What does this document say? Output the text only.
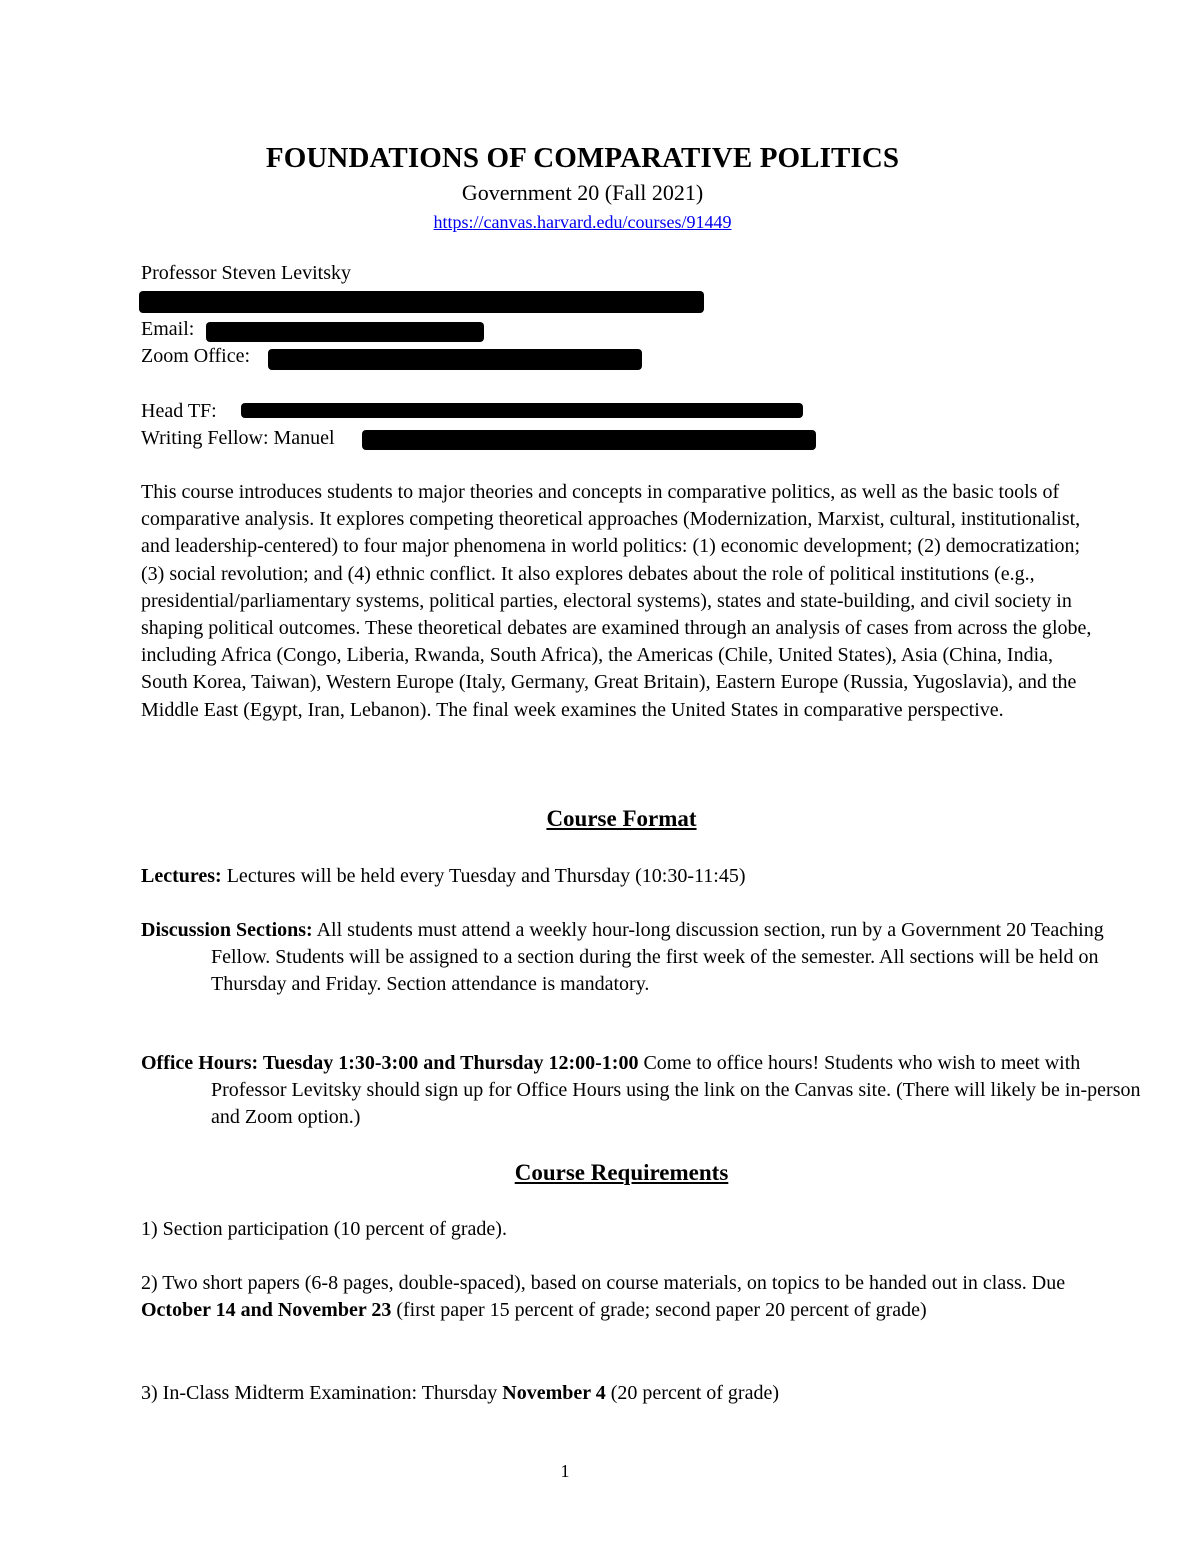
FOUNDATIONS OF COMPARATIVE POLITICS
Government 20 (Fall 2021)
https://canvas.harvard.edu/courses/91449
Professor Steven Levitsky
Email:
Zoom Office:
Head TF:
Writing Fellow: Manuel
This course introduces students to major theories and concepts in comparative politics, as well as the basic tools of comparative analysis. It explores competing theoretical approaches (Modernization, Marxist, cultural, institutionalist, and leadership-centered) to four major phenomena in world politics: (1) economic development; (2) democratization; (3) social revolution; and (4) ethnic conflict. It also explores debates about the role of political institutions (e.g., presidential/parliamentary systems, political parties, electoral systems), states and state-building, and civil society in shaping political outcomes. These theoretical debates are examined through an analysis of cases from across the globe, including Africa (Congo, Liberia, Rwanda, South Africa), the Americas (Chile, United States), Asia (China, India, South Korea, Taiwan), Western Europe (Italy, Germany, Great Britain), Eastern Europe (Russia, Yugoslavia), and the Middle East (Egypt, Iran, Lebanon). The final week examines the United States in comparative perspective.
Course Format
Lectures: Lectures will be held every Tuesday and Thursday (10:30-11:45)
Discussion Sections: All students must attend a weekly hour-long discussion section, run by a Government 20 Teaching Fellow. Students will be assigned to a section during the first week of the semester. All sections will be held on Thursday and Friday. Section attendance is mandatory.
Office Hours: Tuesday 1:30-3:00 and Thursday 12:00-1:00 Come to office hours! Students who wish to meet with Professor Levitsky should sign up for Office Hours using the link on the Canvas site. (There will likely be in-person and Zoom option.)
Course Requirements
1) Section participation (10 percent of grade).
2) Two short papers (6-8 pages, double-spaced), based on course materials, on topics to be handed out in class. Due October 14 and November 23 (first paper 15 percent of grade; second paper 20 percent of grade)
3) In-Class Midterm Examination: Thursday November 4 (20 percent of grade)
1
